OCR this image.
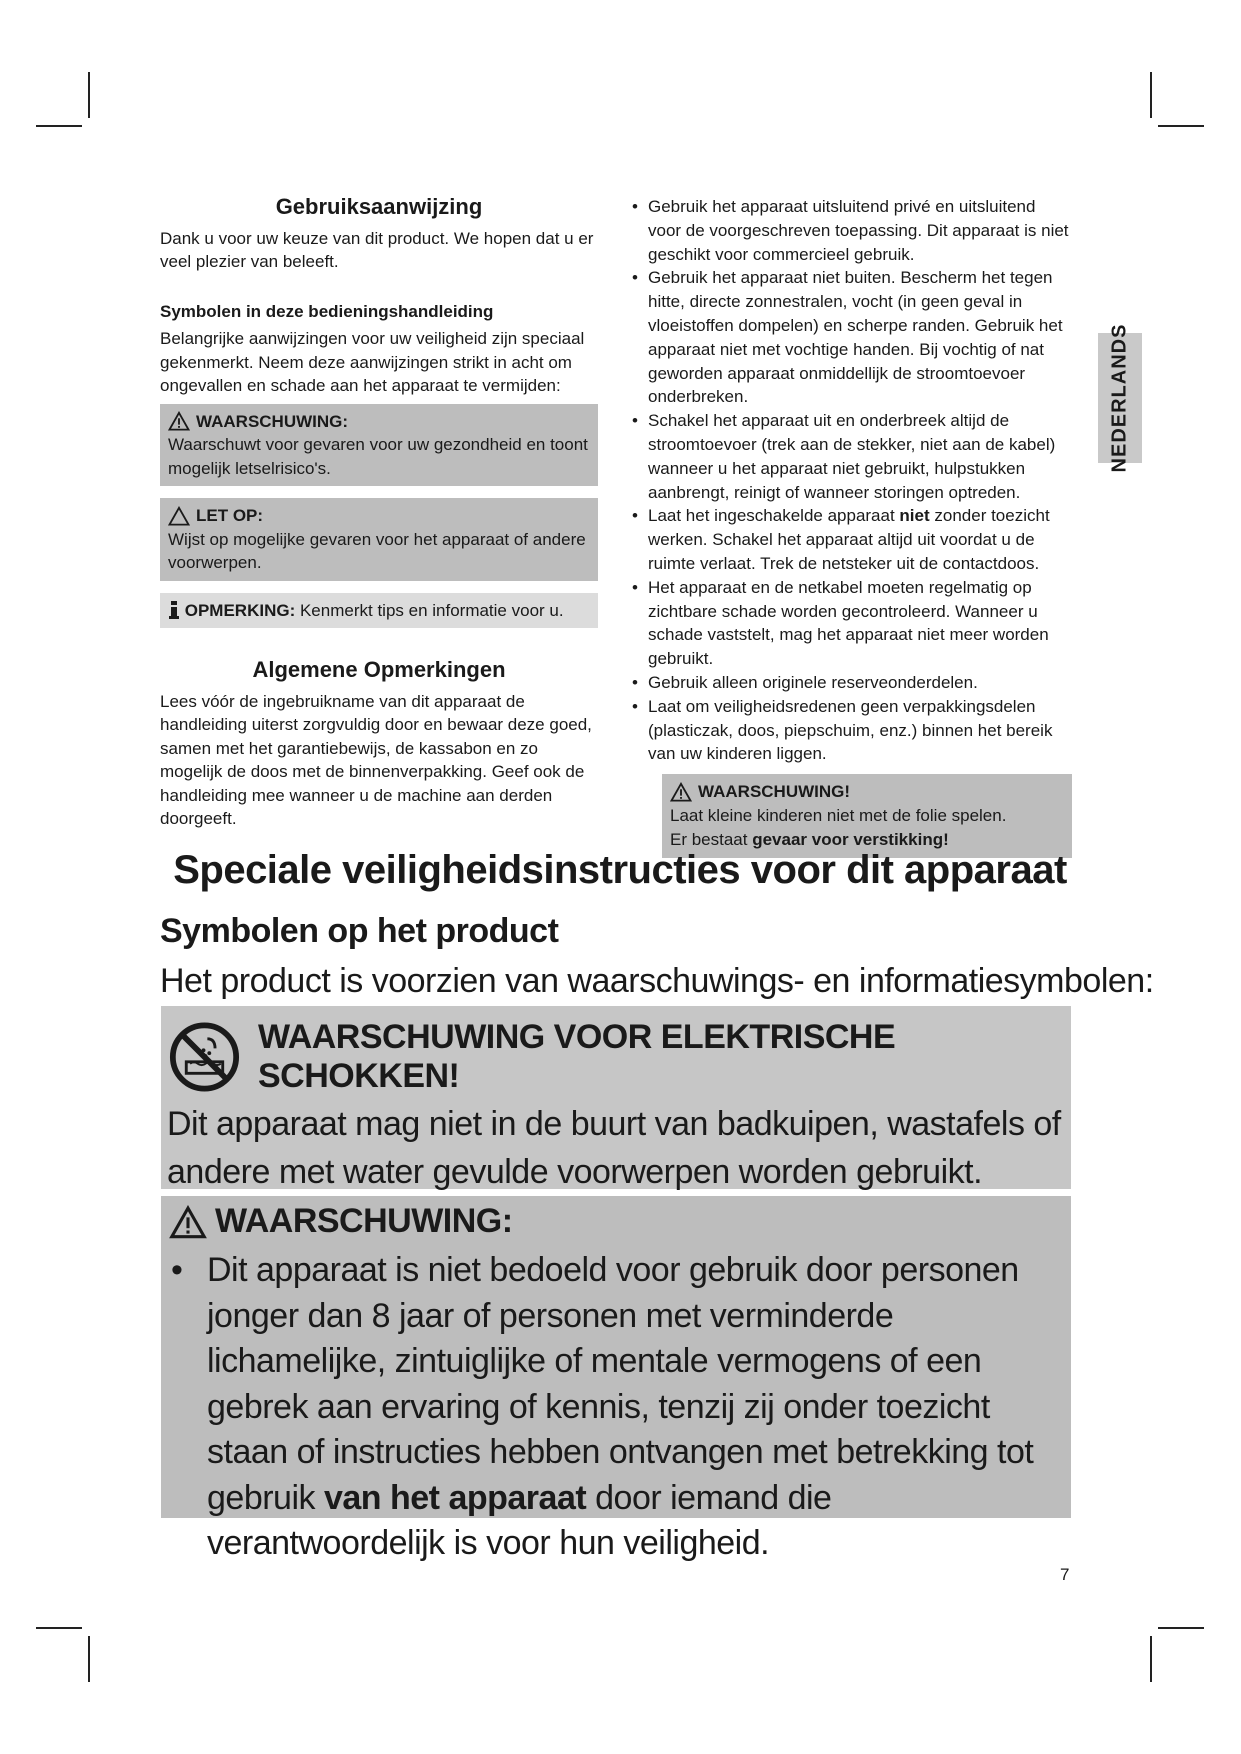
NEDERLANDS
Gebruiksaanwijzing

Dank u voor uw keuze van dit product. We hopen dat u er veel plezier van beleeft.

Symbolen in deze bedieningshandleiding

Belangrijke aanwijzingen voor uw veiligheid zijn speciaal gekenmerkt. Neem deze aanwijzingen strikt in acht om ongevallen en schade aan het apparaat te vermijden:

WAARSCHUWING:

Waarschuwt voor gevaren voor uw gezondheid en toont mogelijk letselrisico's.

LET OP:

Wijst op mogelijke gevaren voor het apparaat of andere voorwerpen.

OPMERKING: Kenmerkt tips en informatie voor u.
Algemene Opmerkingen

Lees vóór de ingebruikname van dit apparaat de handleiding uiterst zorgvuldig door en bewaar deze goed, samen met het garantiebewijs, de kassabon en zo mogelijk de doos met de binnenverpakking. Geef ook de handleiding mee wanneer u de machine aan derden doorgeeft.

• Gebruik het apparaat uitsluitend privé en uitsluitend voor de voorgeschreven toepassing. Dit apparaat is niet geschikt voor commercieel gebruik.
• Gebruik het apparaat niet buiten. Bescherm het tegen hitte, directe zonnestralen, vocht (in geen geval in vloeistoffen dompelen) en scherpe randen. Gebruik het apparaat niet met vochtige handen. Bij vochtig of nat geworden apparaat onmiddellijk de stroomtoevoer onderbreken.
• Schakel het apparaat uit en onderbreek altijd de stroomtoevoer (trek aan de stekker, niet aan de kabel) wanneer u het apparaat niet gebruikt, hulpstukken aanbrengt, reinigt of wanneer storingen optreden.
• Laat het ingeschakelde apparaat niet zonder toezicht werken. Schakel het apparaat altijd uit voordat u de ruimte verlaat. Trek de netsteker uit de contactdoos.
• Het apparaat en de netkabel moeten regelmatig op zichtbare schade worden gecontroleerd. Wanneer u schade vaststelt, mag het apparaat niet meer worden gebruikt.
• Gebruik alleen originele reserveonderdelen.
• Laat om veiligheidsredenen geen verpakkingsdelen (plasticzak, doos, piepschuim, enz.) binnen het bereik van uw kinderen liggen.
WAARSCHUWING!

Laat kleine kinderen niet met de folie spelen.

Er bestaat gevaar voor verstikking!

Speciale veiligheidsinstructies voor dit apparaat
Symbolen op het product
Het product is voorzien van waarschuwings- en informatiesymbolen:
WAARSCHUWING VOOR ELEKTRISCHE SCHOKKEN!
Dit apparaat mag niet in de buurt van badkuipen, wastafels of andere met water gevulde voorwerpen worden gebruikt.
WAARSCHUWING:
• Dit apparaat is niet bedoeld voor gebruik door personen jonger dan 8 jaar of personen met verminderde lichamelijke, zintuiglijke of mentale vermogens of een gebrek aan ervaring of kennis, tenzij zij onder toezicht staan of instructies hebben ontvangen met betrekking tot gebruik van het apparaat door iemand die verantwoordelijk is voor hun veiligheid.
7
